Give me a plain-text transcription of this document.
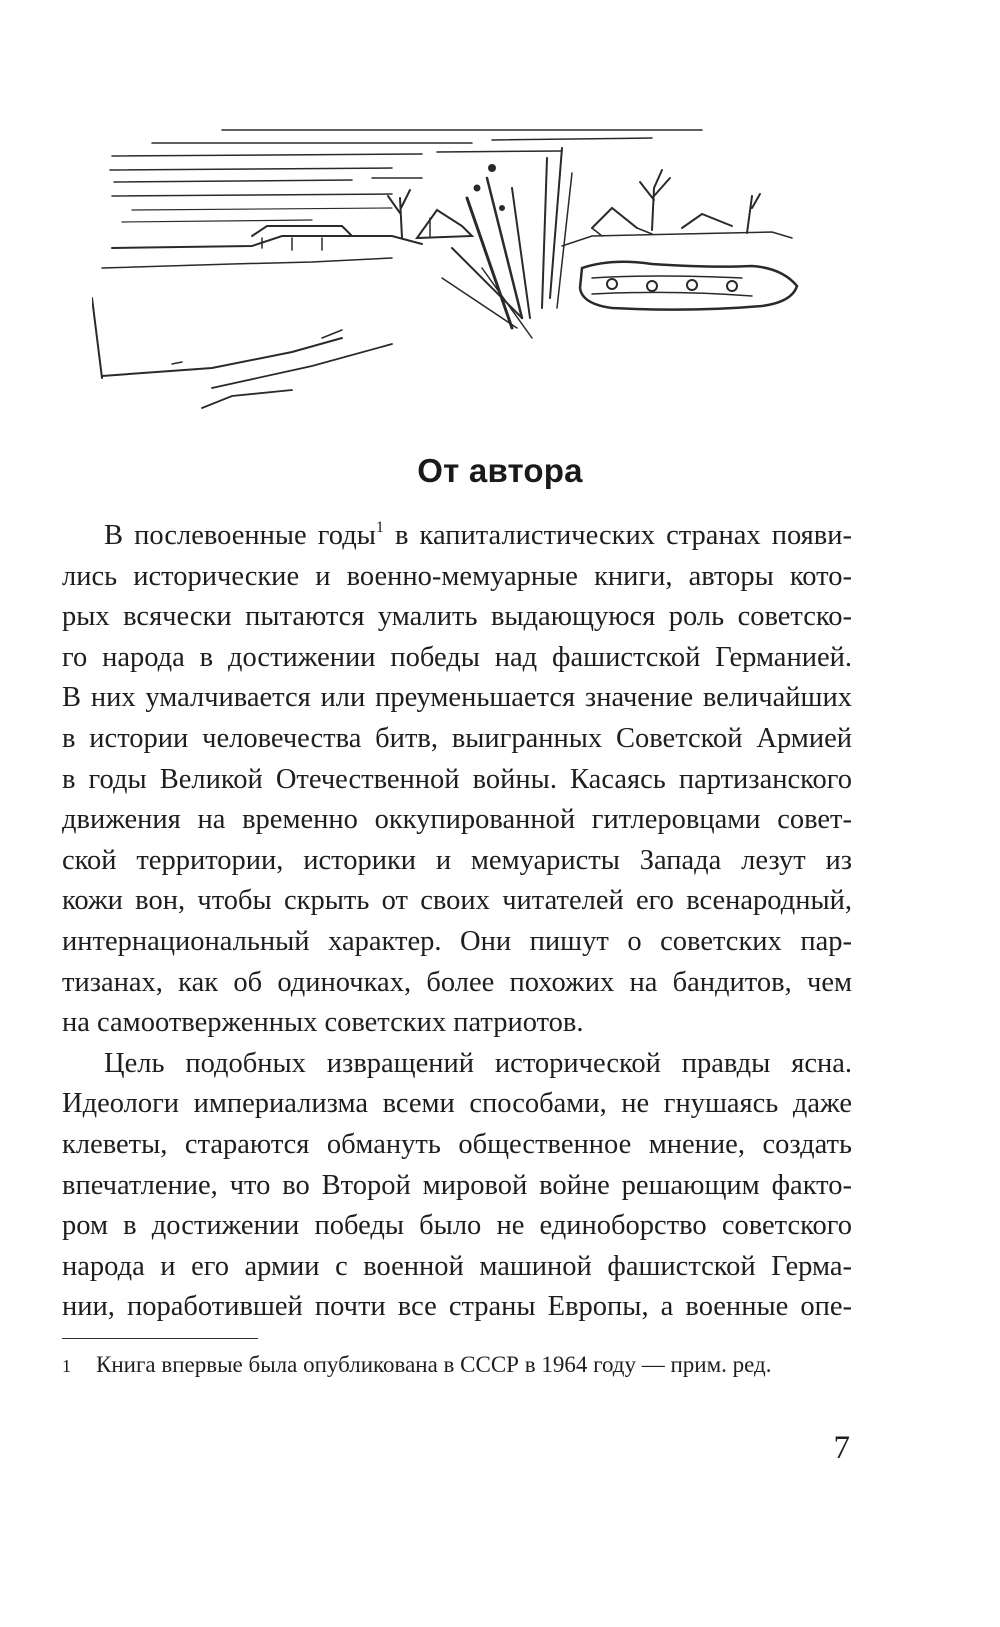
От автора
В послевоенные годы$^1$ в капиталистических странах появи-
лись исторические и военно-мемуарные книги, авторы кото-
рых всячески пытаются умалить выдающуюся роль советско-
го народа в достижении победы над фашистской Германией.
В них умалчивается или преуменьшается значение величайших
в истории человечества битв, выигранных Советской Армией
в годы Великой Отечественной войны. Касаясь партизанского
движения на временно оккупированной гитлеровцами совет-
ской территории, историки и мемуаристы Запада лезут из
кожи вон, чтобы скрыть от своих читателей его всенародный,
интернациональный характер. Они пишут о советских пар-
тизанах, как об одиночках, более похожих на бандитов, чем
на самоотверженных советских патриотов.
Цель подобных извращений исторической правды ясна.
Идеологи империализма всеми способами, не гнушаясь даже
клеветы, стараются обмануть общественное мнение, создать
впечатление, что во Второй мировой войне решающим факто-
ром в достижении победы было не единоборство советского
народа и его армии с военной машиной фашистской Герма-
нии, поработившей почти все страны Европы, а военные опе-
1 Книга впервые была опубликована в СССР в 1964 году — прим. ред.
7
